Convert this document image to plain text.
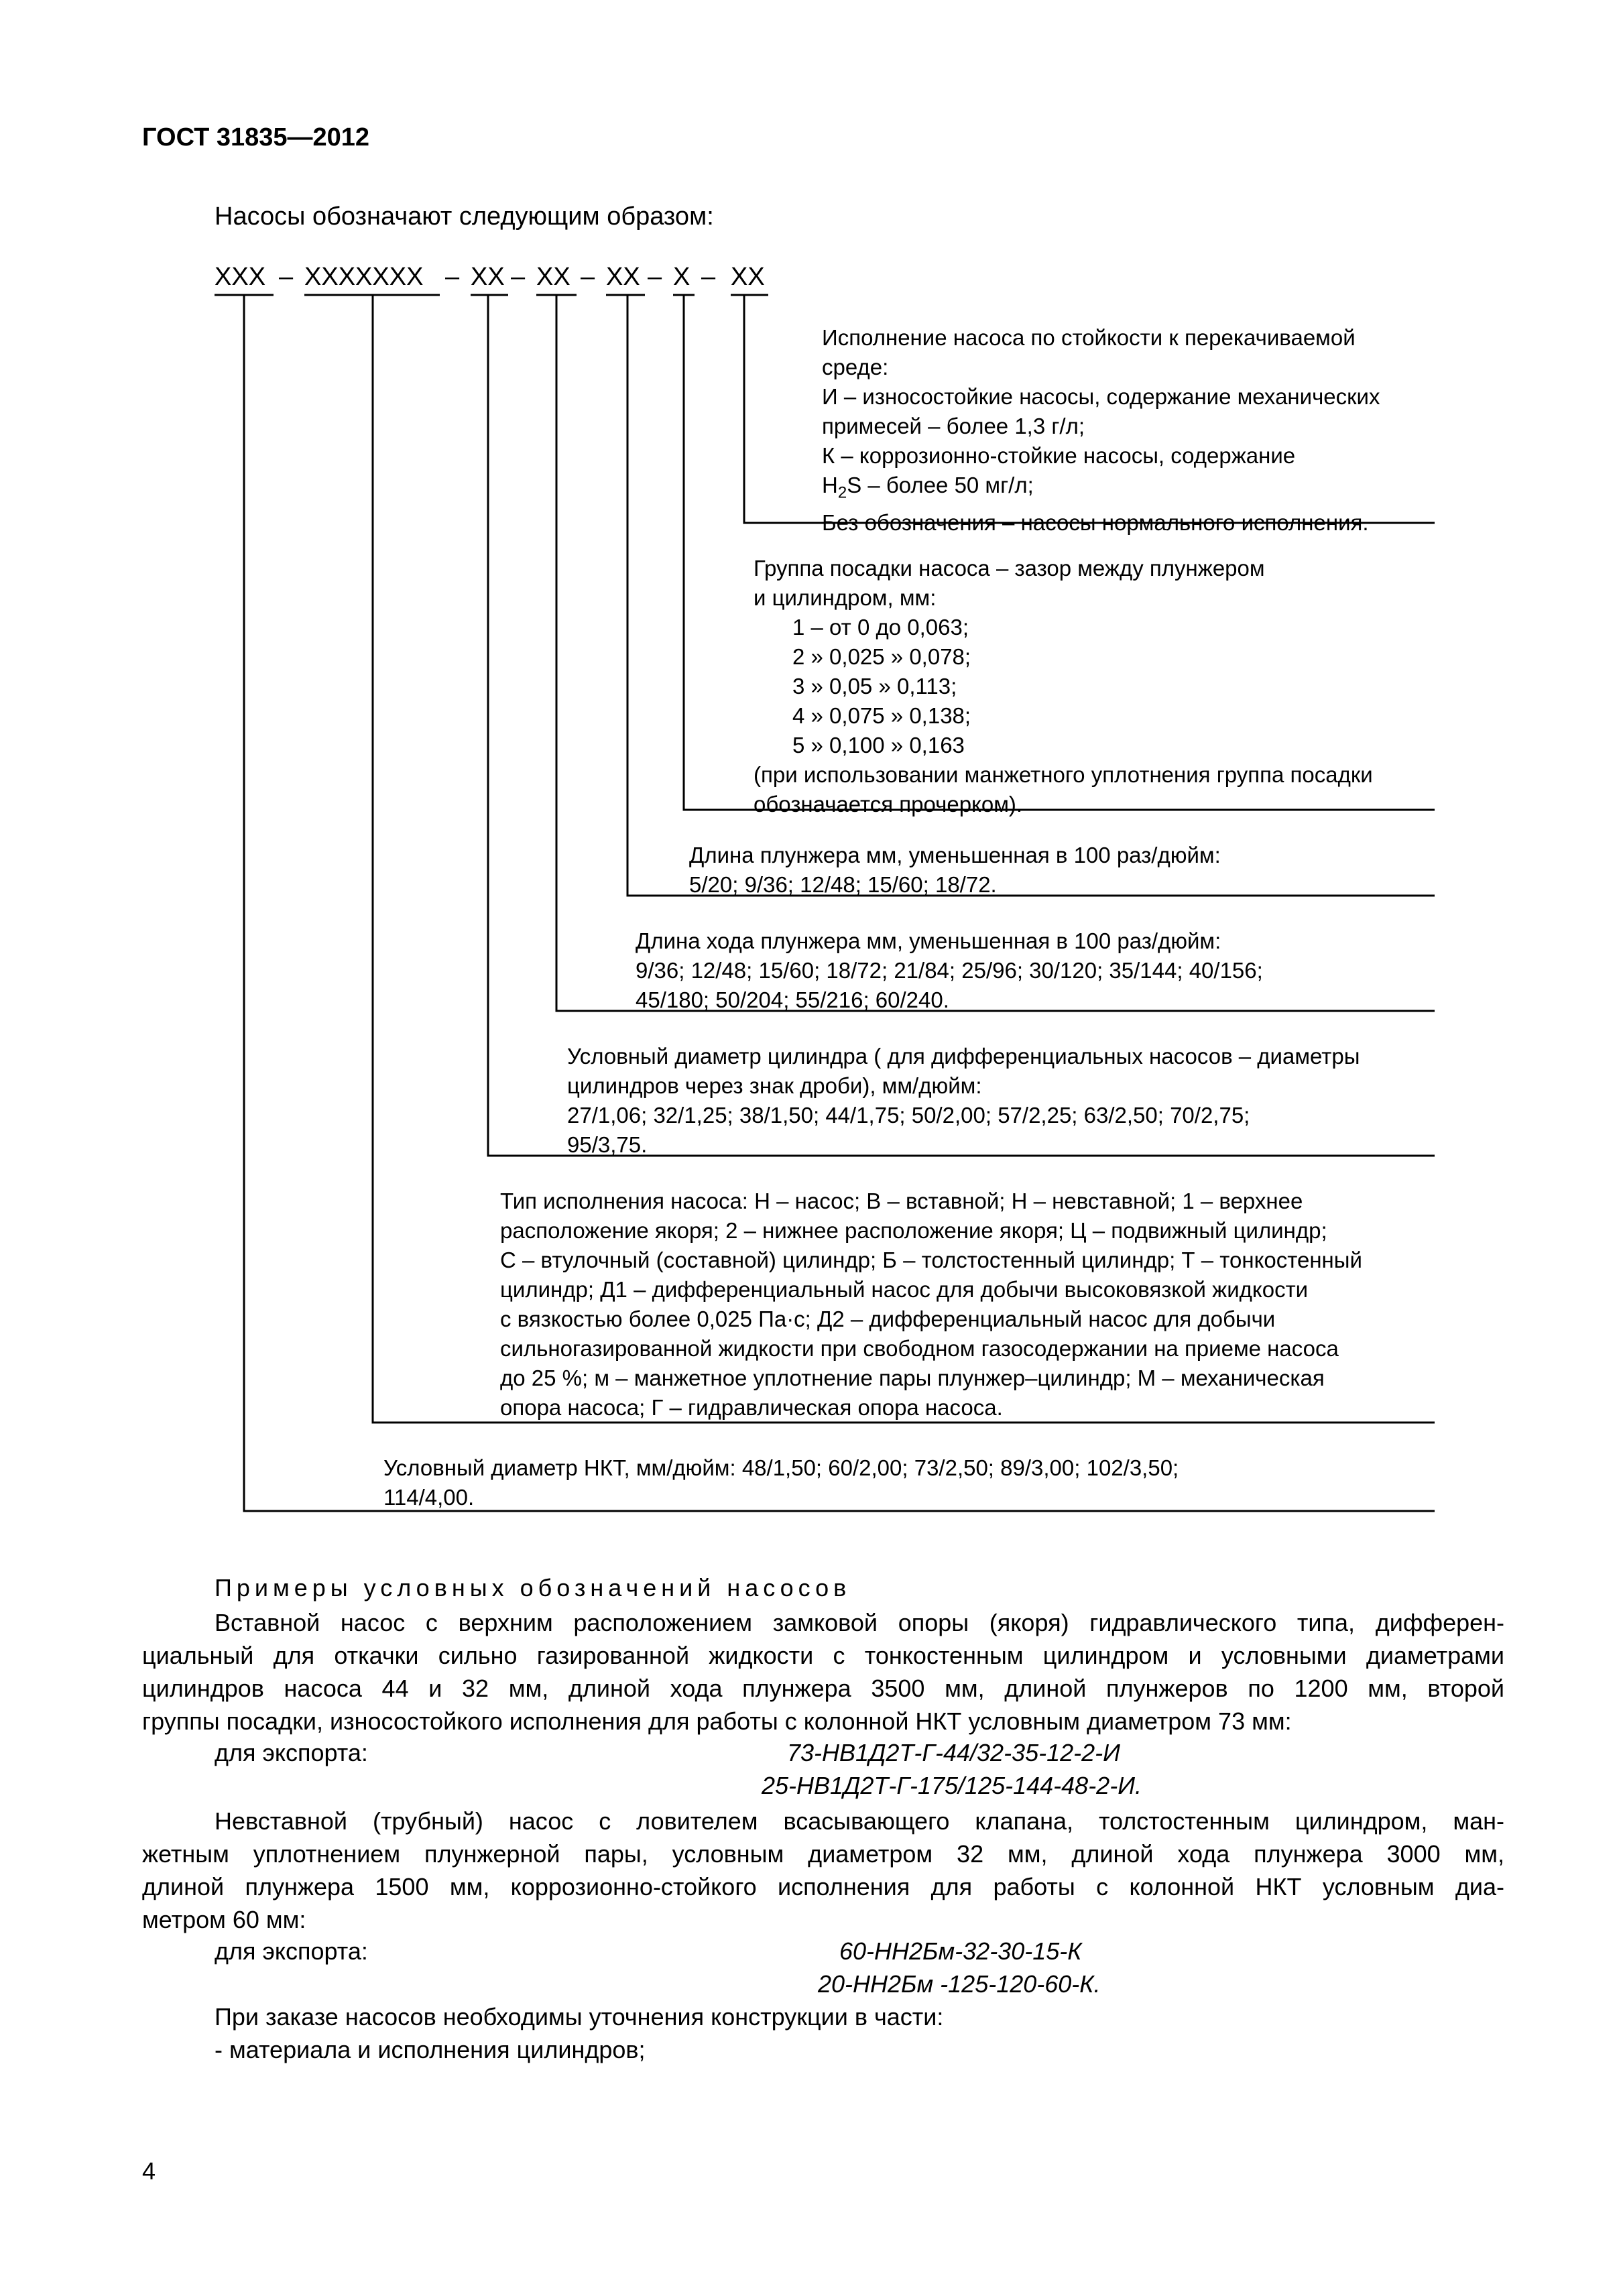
ГОСТ 31835—2012
Насосы обозначают следующим образом:
ХХХ – ХХХХХХХ – ХХ – ХХ – ХХ – Х – ХХ
Исполнение насоса по стойкости к перекачиваемой
среде:
И – износостойкие насосы, содержание механических
примесей – более 1,3 г/л;
К – коррозионно-стойкие насосы, содержание
$H_2S$ – более 50 мг/л;
Без обозначения – насосы нормального исполнения.
Группа посадки насоса – зазор между плунжером
и цилиндром, мм:
1 – от 0 до 0,063;
2 » 0,025 » 0,078;
3 » 0,05 » 0,113;
4 » 0,075 » 0,138;
5 » 0,100 » 0,163
(при использовании манжетного уплотнения группа посадки
обозначается прочерком).
Длина плунжера мм, уменьшенная в 100 раз/дюйм:
5/20; 9/36; 12/48; 15/60; 18/72.
Длина хода плунжера мм, уменьшенная в 100 раз/дюйм:
9/36; 12/48; 15/60; 18/72; 21/84; 25/96; 30/120; 35/144; 40/156;
45/180; 50/204; 55/216; 60/240.
Условный диаметр цилиндра ( для дифференциальных насосов – диаметры
цилиндров через знак дроби), мм/дюйм:
27/1,06; 32/1,25; 38/1,50; 44/1,75; 50/2,00; 57/2,25; 63/2,50; 70/2,75;
95/3,75.
Тип исполнения насоса: Н – насос; В – вставной; Н – невставной; 1 – верхнее
расположение якоря; 2 – нижнее расположение якоря; Ц – подвижный цилиндр;
С – втулочный (составной) цилиндр; Б – толстостенный цилиндр; Т – тонкостенный
цилиндр; Д1 – дифференциальный насос для добычи высоковязкой жидкости
с вязкостью более 0,025 Па·с; Д2 – дифференциальный насос для добычи
сильногазированной жидкости при свободном газосодержании на приеме насоса
до 25 %; м – манжетное уплотнение пары плунжер–цилиндр; М – механическая
опора насоса; Г – гидравлическая опора насоса.
Условный диаметр НКТ, мм/дюйм: 48/1,50; 60/2,00; 73/2,50; 89/3,00; 102/3,50;
114/4,00.
Примеры условных обозначений насосов
Вставной насос с верхним расположением замковой опоры (якоря) гидравлического типа, дифферен-
циальный для откачки сильно газированной жидкости с тонкостенным цилиндром и условными диаметрами
цилиндров насоса 44 и 32 мм, длиной хода плунжера 3500 мм, длиной плунжеров по 1200 мм, второй
группы посадки, износостойкого исполнения для работы с колонной НКТ условным диаметром 73 мм:
для экспорта:	73-НВ1Д2Т-Г-44/32-35-12-2-И
25-НВ1Д2Т-Г-175/125-144-48-2-И.
Невставной (трубный) насос с ловителем всасывающего клапана, толстостенным цилиндром, ман-
жетным уплотнением плунжерной пары, условным диаметром 32 мм, длиной хода плунжера 3000 мм,
длиной плунжера 1500 мм, коррозионно-стойкого исполнения для работы с колонной НКТ условным диа-
метром 60 мм:
для экспорта:	60-НН2Бм-32-30-15-К
20-НН2Бм -125-120-60-К.
При заказе насосов необходимы уточнения конструкции в части:
- материала и исполнения цилиндров;
4
